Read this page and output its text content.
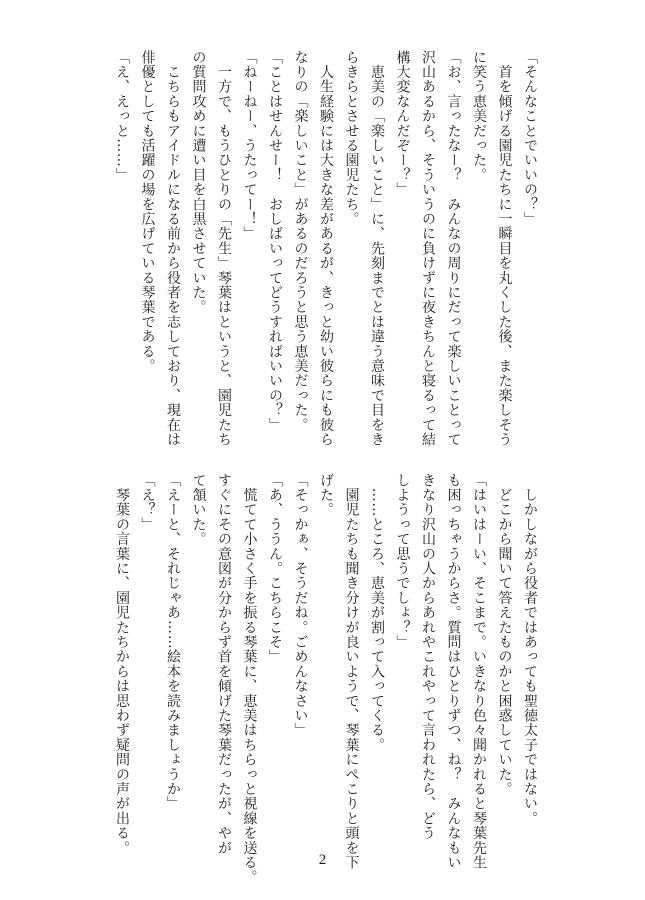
「そんなことでいいの？」
　首を傾げる園児たちに一瞬目を丸くした後、また楽しそう
に笑う恵美だった。
「お、言ったなー？　みんなの周りにだって楽しいことって
沢山あるから、そういうのに負けずに夜きちんと寝るって結
構大変なんだぞー？」
　恵美の「楽しいこと」に、先刻までとは違う意味で目をき
らきらとさせる園児たち。
　人生経験には大きな差があるが、きっと幼い彼らにも彼ら
なりの「楽しいこと」があるのだろうと思う恵美だった。
「ことはせんせー！　おしばいってどうすればいいの？」
「ねーねー、うたってー！」
　一方で、もうひとりの「先生」琴葉はというと、園児たち
の質問攻めに遭い目を白黒させていた。
　こちらもアイドルになる前から役者を志しており、現在は
俳優としても活躍の場を広げている琴葉である。
「え、えっと……」
　しかしながら役者ではあっても聖徳太子ではない。
　どこから聞いて答えたものかと困惑していた。
「はいはーい、そこまで。いきなり色々聞かれると琴葉先生
も困っちゃうからさ。質問はひとりずつ、ね？　みんなもい
きなり沢山の人からあれやこれやって言われたら、どう
しようって思うでしょ？」
　……ところ、恵美が割って入ってくる。
　園児たちも聞き分けが良いようで、琴葉にぺこりと頭を下
げた。
「そっかぁ、そうだね。ごめんなさい」
「あ、ううん。こちらこそ」
　慌てて小さく手を振る琴葉に、恵美はちらっと視線を送る。
すぐにその意図が分からず首を傾げた琴葉だったが、やが
て頷いた。
「えーと、それじゃあ……絵本を読みましょうか」
「え？」
　琴葉の言葉に、園児たちからは思わず疑問の声が出る。
2
